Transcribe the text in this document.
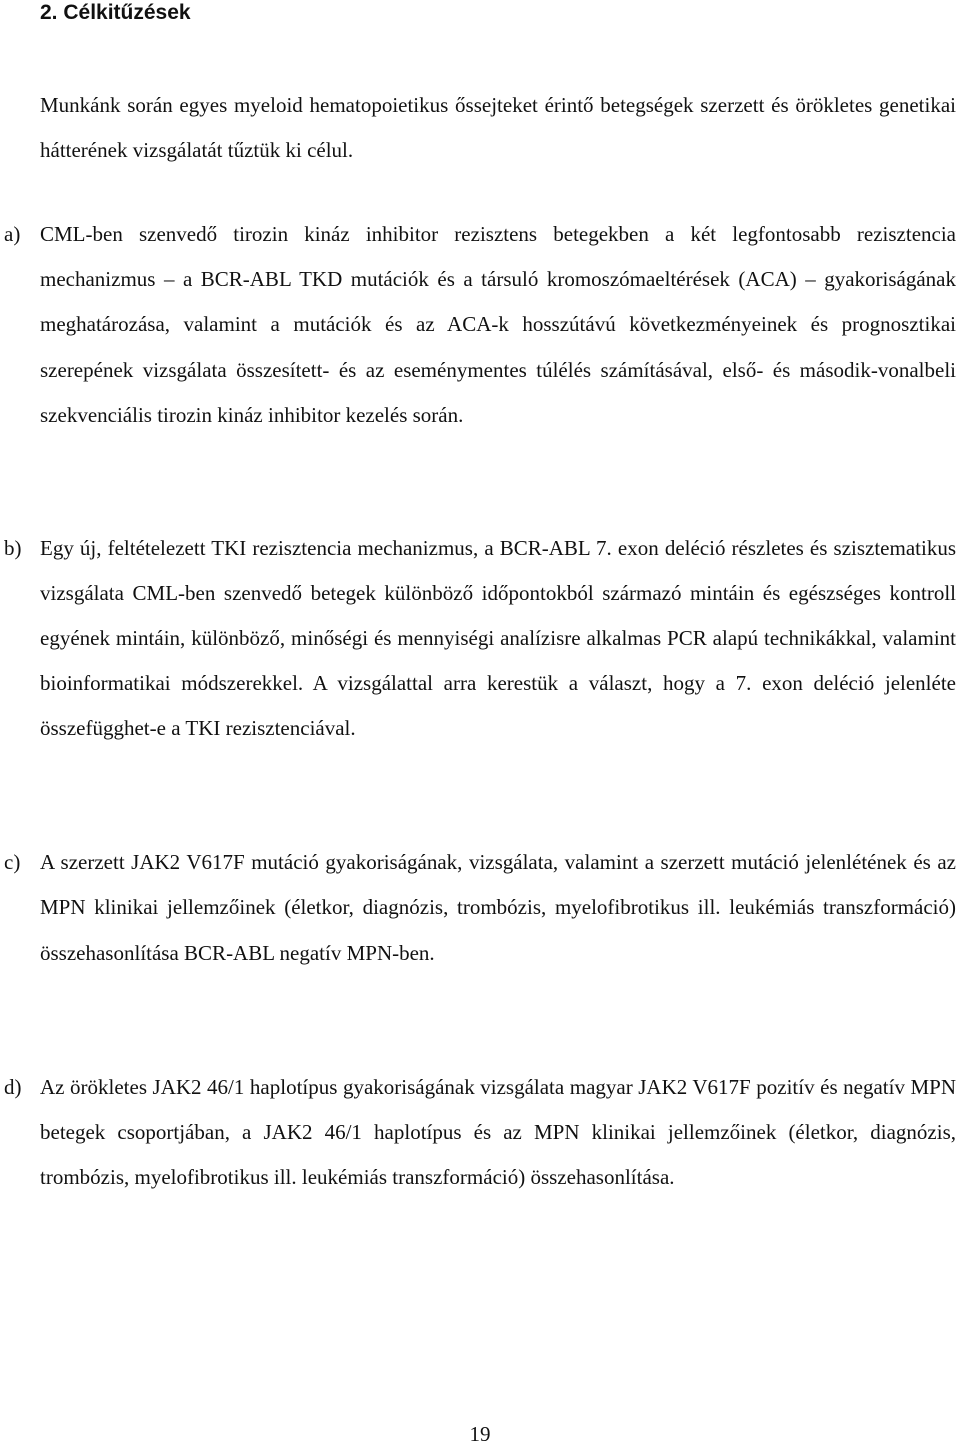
2. Célkitűzések

Munkánk során egyes myeloid hematopoietikus őssejteket érintő betegségek szerzett és örökletes genetikai hátterének vizsgálatát tűztük ki célul.

a) CML-ben szenvedő tirozin kináz inhibitor rezisztens betegekben a két legfontosabb rezisztencia mechanizmus – a BCR-ABL TKD mutációk és a társuló kromoszómaeltérések (ACA) – gyakoriságának meghatározása, valamint a mutációk és az ACA-k hosszútávú következményeinek és prognosztikai szerepének vizsgálata összesített- és az eseménymentes túlélés számításával, első- és második-vonalbeli szekvenciális tirozin kináz inhibitor kezelés során.

b) Egy új, feltételezett TKI rezisztencia mechanizmus, a BCR-ABL 7. exon deléció részletes és szisztematikus vizsgálata CML-ben szenvedő betegek különböző időpontokból származó mintáin és egészséges kontroll egyének mintáin, különböző, minőségi és mennyiségi analízisre alkalmas PCR alapú technikákkal, valamint bioinformatikai módszerekkel. A vizsgálattal arra kerestük a választ, hogy a 7. exon deléció jelenléte összefügghet-e a TKI rezisztenciával.

c) A szerzett JAK2 V617F mutáció gyakoriságának, vizsgálata, valamint a szerzett mutáció jelenlétének és az MPN klinikai jellemzőinek (életkor, diagnózis, trombózis, myelofibrotikus ill. leukémiás transzformáció) összehasonlítása BCR-ABL negatív MPN-ben.

d) Az örökletes JAK2 46/1 haplotípus gyakoriságának vizsgálata magyar JAK2 V617F pozitív és negatív MPN betegek csoportjában, a JAK2 46/1 haplotípus és az MPN klinikai jellemzőinek (életkor, diagnózis, trombózis, myelofibrotikus ill. leukémiás transzformáció) összehasonlítása.

19
